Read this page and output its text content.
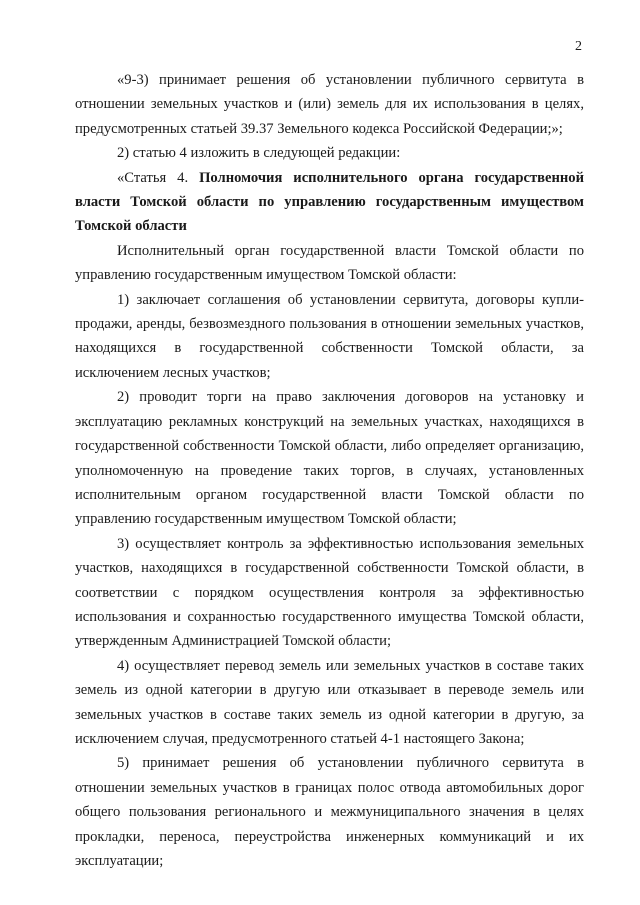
2

«9-3) принимает решения об установлении публичного сервитута в отношении земельных участков и (или) земель для их использования в целях, предусмотренных статьей 39.37 Земельного кодекса Российской Федерации;»;

2) статью 4 изложить в следующей редакции:

«Статья 4. Полномочия исполнительного органа государственной власти Томской области по управлению государственным имуществом Томской области

Исполнительный орган государственной власти Томской области по управлению государственным имуществом Томской области:

1) заключает соглашения об установлении сервитута, договоры купли-продажи, аренды, безвозмездного пользования в отношении земельных участков, находящихся в государственной собственности Томской области, за исключением лесных участков;

2) проводит торги на право заключения договоров на установку и эксплуатацию рекламных конструкций на земельных участках, находящихся в государственной собственности Томской области, либо определяет организацию, уполномоченную на проведение таких торгов, в случаях, установленных исполнительным органом государственной власти Томской области по управлению государственным имуществом Томской области;

3) осуществляет контроль за эффективностью использования земельных участков, находящихся в государственной собственности Томской области, в соответствии с порядком осуществления контроля за эффективностью использования и сохранностью государственного имущества Томской области, утвержденным Администрацией Томской области;

4) осуществляет перевод земель или земельных участков в составе таких земель из одной категории в другую или отказывает в переводе земель или земельных участков в составе таких земель из одной категории в другую, за исключением случая, предусмотренного статьей 4-1 настоящего Закона;

5) принимает решения об установлении публичного сервитута в отношении земельных участков в границах полос отвода автомобильных дорог общего пользования регионального и межмуниципального значения в целях прокладки, переноса, переустройства инженерных коммуникаций и их эксплуатации;
